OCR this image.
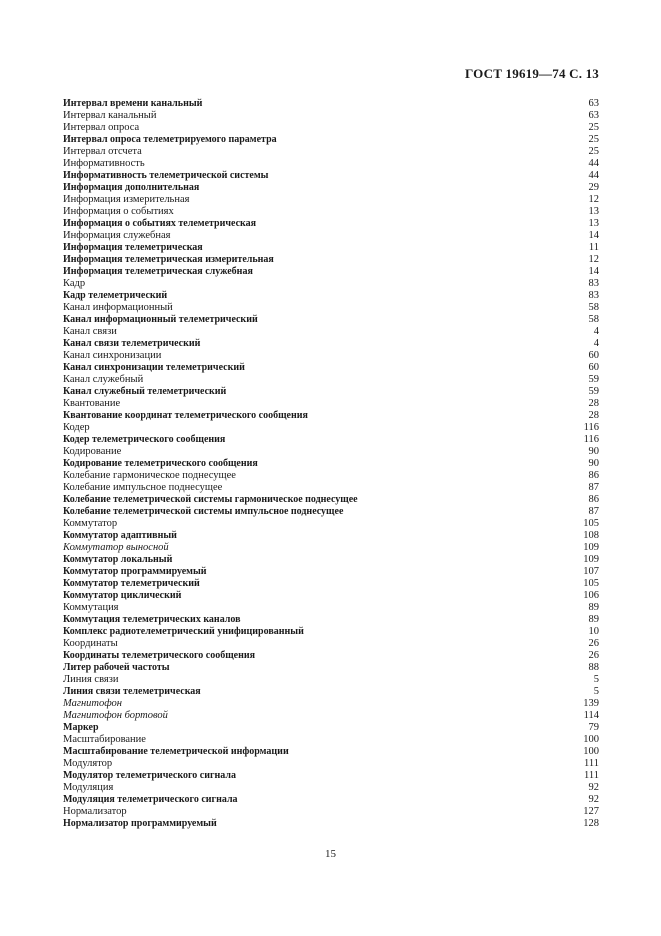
ГОСТ 19619—74 С. 13
Интервал времени канальный	63
Интервал канальный	63
Интервал опроса	25
Интервал опроса телеметрируемого параметра	25
Интервал отсчета	25
Информативность	44
Информативность телеметрической системы	44
Информация дополнительная	29
Информация измерительная	12
Информация о событиях	13
Информация о событиях телеметрическая	13
Информация служебная	14
Информация телеметрическая	11
Информация телеметрическая измерительная	12
Информация телеметрическая служебная	14
Кадр	83
Кадр телеметрический	83
Канал информационный	58
Канал информационный телеметрический	58
Канал связи	4
Канал связи телеметрический	4
Канал синхронизации	60
Канал синхронизации телеметрический	60
Канал служебный	59
Канал служебный телеметрический	59
Квантование	28
Квантование координат телеметрического сообщения	28
Кодер	116
Кодер телеметрического сообщения	116
Кодирование	90
Кодирование телеметрического сообщения	90
Колебание гармоническое поднесущее	86
Колебание импульсное поднесущее	87
Колебание телеметрической системы гармоническое поднесущее	86
Колебание телеметрической системы импульсное поднесущее	87
Коммутатор	105
Коммутатор адаптивный	108
Коммутатор выносной	109
Коммутатор локальный	109
Коммутатор программируемый	107
Коммутатор телеметрический	105
Коммутатор циклический	106
Коммутация	89
Коммутация телеметрических каналов	89
Комплекс радиотелеметрический унифицированный	10
Координаты	26
Координаты телеметрического сообщения	26
Литер рабочей частоты	88
Линия связи	5
Линия связи телеметрическая	5
Магнитофон	139
Магнитофон бортовой	114
Маркер	79
Масштабирование	100
Масштабирование телеметрической информации	100
Модулятор	111
Модулятор телеметрического сигнала	111
Модуляция	92
Модуляция телеметрического сигнала	92
Нормализатор	127
Нормализатор программируемый	128
15
